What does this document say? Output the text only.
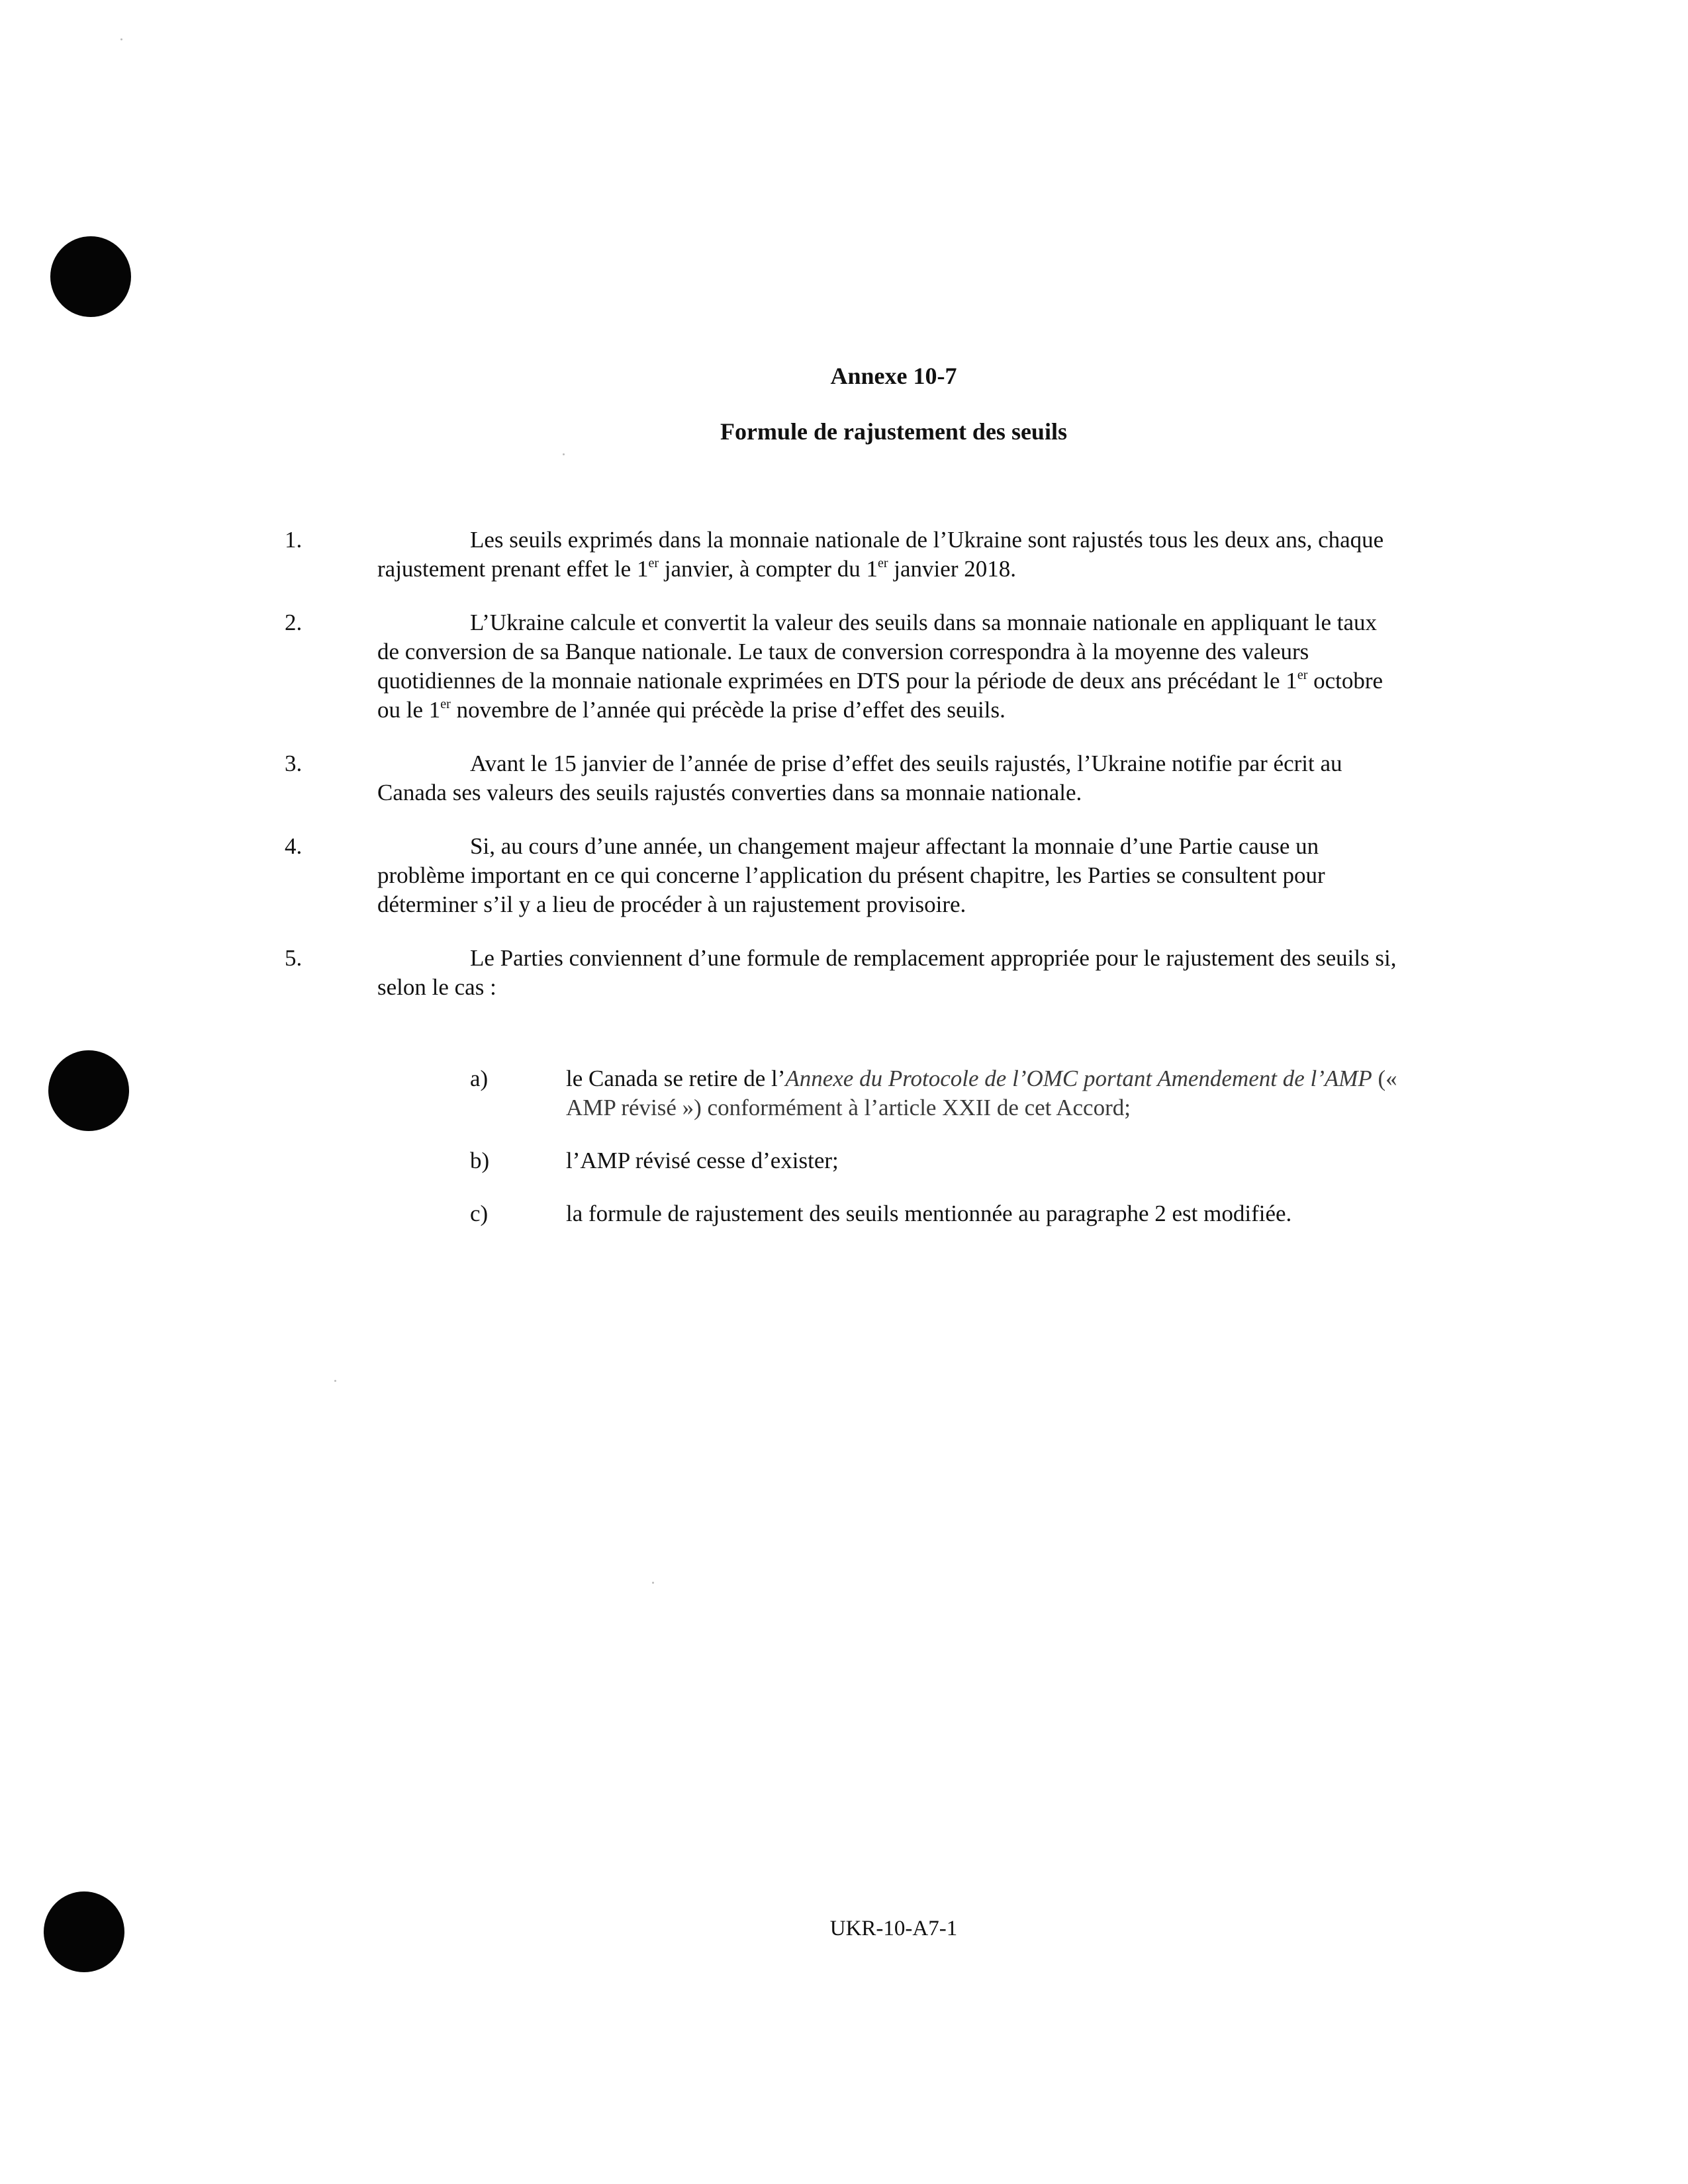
Annexe 10-7
Formule de rajustement des seuils

1.	Les seuils exprimés dans la monnaie nationale de l’Ukraine sont rajustés tous les deux ans, chaque rajustement prenant effet le 1er janvier, à compter du 1er janvier 2018.

2.	L’Ukraine calcule et convertit la valeur des seuils dans sa monnaie nationale en appliquant le taux de conversion de sa Banque nationale. Le taux de conversion correspondra à la moyenne des valeurs quotidiennes de la monnaie nationale exprimées en DTS pour la période de deux ans précédant le 1er octobre ou le 1er novembre de l’année qui précède la prise d’effet des seuils.

3.	Avant le 15 janvier de l’année de prise d’effet des seuils rajustés, l’Ukraine notifie par écrit au Canada ses valeurs des seuils rajustés converties dans sa monnaie nationale.

4.	Si, au cours d’une année, un changement majeur affectant la monnaie d’une Partie cause un problème important en ce qui concerne l’application du présent chapitre, les Parties se consultent pour déterminer s’il y a lieu de procéder à un rajustement provisoire.

5.	Le Parties conviennent d’une formule de remplacement appropriée pour le rajustement des seuils si, selon le cas :

a)	le Canada se retire de l’Annexe du Protocole de l’OMC portant Amendement de l’AMP (« AMP révisé ») conformément à l’article XXII de cet Accord;
b)	l’AMP révisé cesse d’exister;
c)	la formule de rajustement des seuils mentionnée au paragraphe 2 est modifiée.

UKR-10-A7-1
